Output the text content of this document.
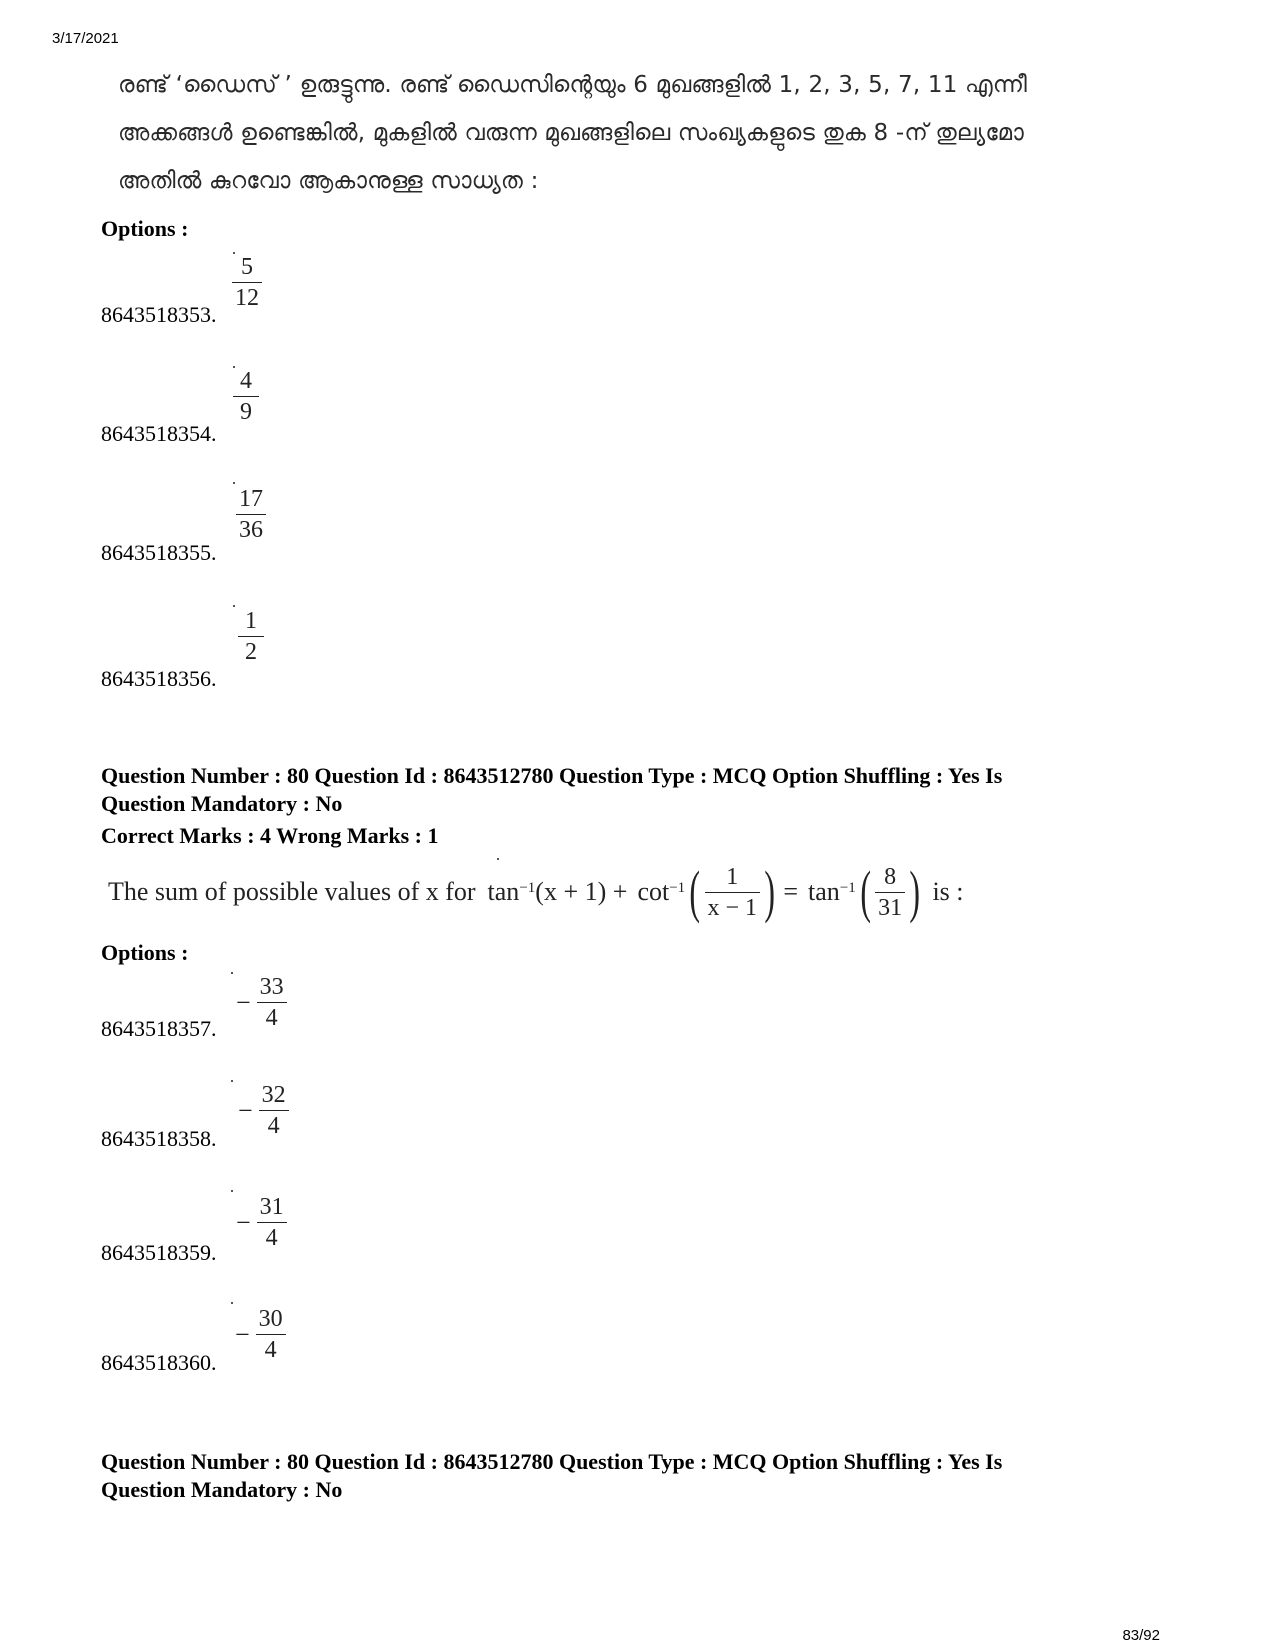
3/17/2021
83/92
രണ്ട് ‘ഡൈസ് ’ ഉരുട്ടുന്നു. രണ്ട് ഡൈസിന്റെയും 6 മുഖങ്ങളിൽ 1, 2, 3, 5, 7, 11 എന്നീ
അക്കങ്ങൾ ഉണ്ടെങ്കിൽ, മുകളിൽ വരുന്ന മുഖങ്ങളിലെ സംഖ്യകളുടെ തുക 8 -ന് തുല്യമോ
അതിൽ കുറവോ ആകാനുള്ള സാധ്യത :
Options :
8643518353.
5
12
8643518354.
4
9
8643518355.
17
36
8643518356.
1
2
Question Number : 80 Question Id : 8643512780 Question Type : MCQ Option Shuffling : Yes Is
Question Mandatory : No
Correct Marks : 4 Wrong Marks : 1
The sum of possible values of x for $\tan^{-1} (x + 1) + \cot^{-1}$ ( $\frac{1}{x - 1}$ ) = $\tan^{-1}$ ( $\frac{8}{31}$ ) is :
Options :
8643518357.
− $\frac{33}{4}$
8643518358.
− $\frac{32}{4}$
8643518359.
− $\frac{31}{4}$
8643518360.
− $\frac{30}{4}$
Question Number : 80 Question Id : 8643512780 Question Type : MCQ Option Shuffling : Yes Is
Question Mandatory : No
